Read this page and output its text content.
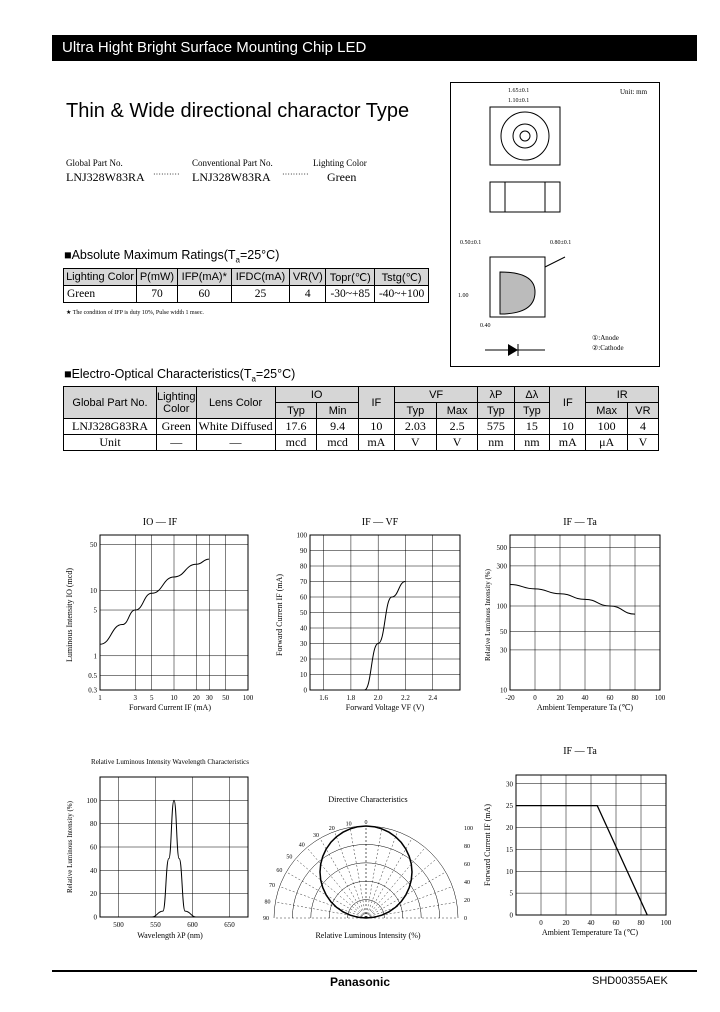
Ultra Hight Bright Surface Mounting Chip LED
Thin & Wide directional charactor Type
Global Part No.	Conventional Part No.	Lighting Color
LNJ328W83RA ·········· LNJ328W83RA ·········· Green
■Absolute Maximum $Ratings(T_a=25^\circ C)$
Lighting Color	P(mW)	IFP(mA)*	IFDC(mA)	VR(V)	Topr(℃)	Tstg(℃)
Green	70	60	25	4	-30~+85	-40~+100
★ The condition of IFP is duty 10%, Pulse width 1 msec.
■Electro-Optical $Characteristics(T_a=25^\circ C)$
Global Part No.	Lighting Color	Lens Color	IO		IF	VF		λP	Δλ	IF	IR	
			Typ	Min		Typ	Max	Typ	Typ		Max	VR
LNJ328G83RA	Green	White Diffused	17.6	9.4	10	2.03	2.5	575	15	10	100	4
Unit	—	—	mcd	mcd	mA	V	V	nm	nm	mA	μA	V
Unit: mm
1.65±0.1
1.10±0.1
0.50±0.1	0.80±0.1
1.00
0.40
①:Anode
②:Cathode
IO — IF
1	3 5 10 20 30 50 100
0.3
0.5
1
5
10
50
Forward Current IF (mA)
Luminous Intensity IO (mcd)
IF — VF
1.6	1.8	2.0	2.2	2.4
0
10
20
30
40
50
60
70
80
90
100
Forward Voltage VF (V)
Forward Current IF (mA)
IF — Ta
-20	0	20	40	60	80 100
10
30
50
100
300
500
Ambient Temperature Ta (℃)
Relative Luminous Intensity (%)
Relative Luminous Intensity Wavelength Characteristics
500	550	600	650
0
20
40
60
80
100
Wavelength λP (nm)
Relative Luminous Intensity (%)
Directive Characteristics
0
10
20
30
40
50
60
70
80
90	0
20
40
60
80
100
Relative Luminous Intensity (%)
IF — Ta
0	20	40	60	80 100
0
5
10
15
20
25
30
Ambient Temperature Ta (℃)
Forward Current IF (mA)
Panasonic	SHD00355AEK
